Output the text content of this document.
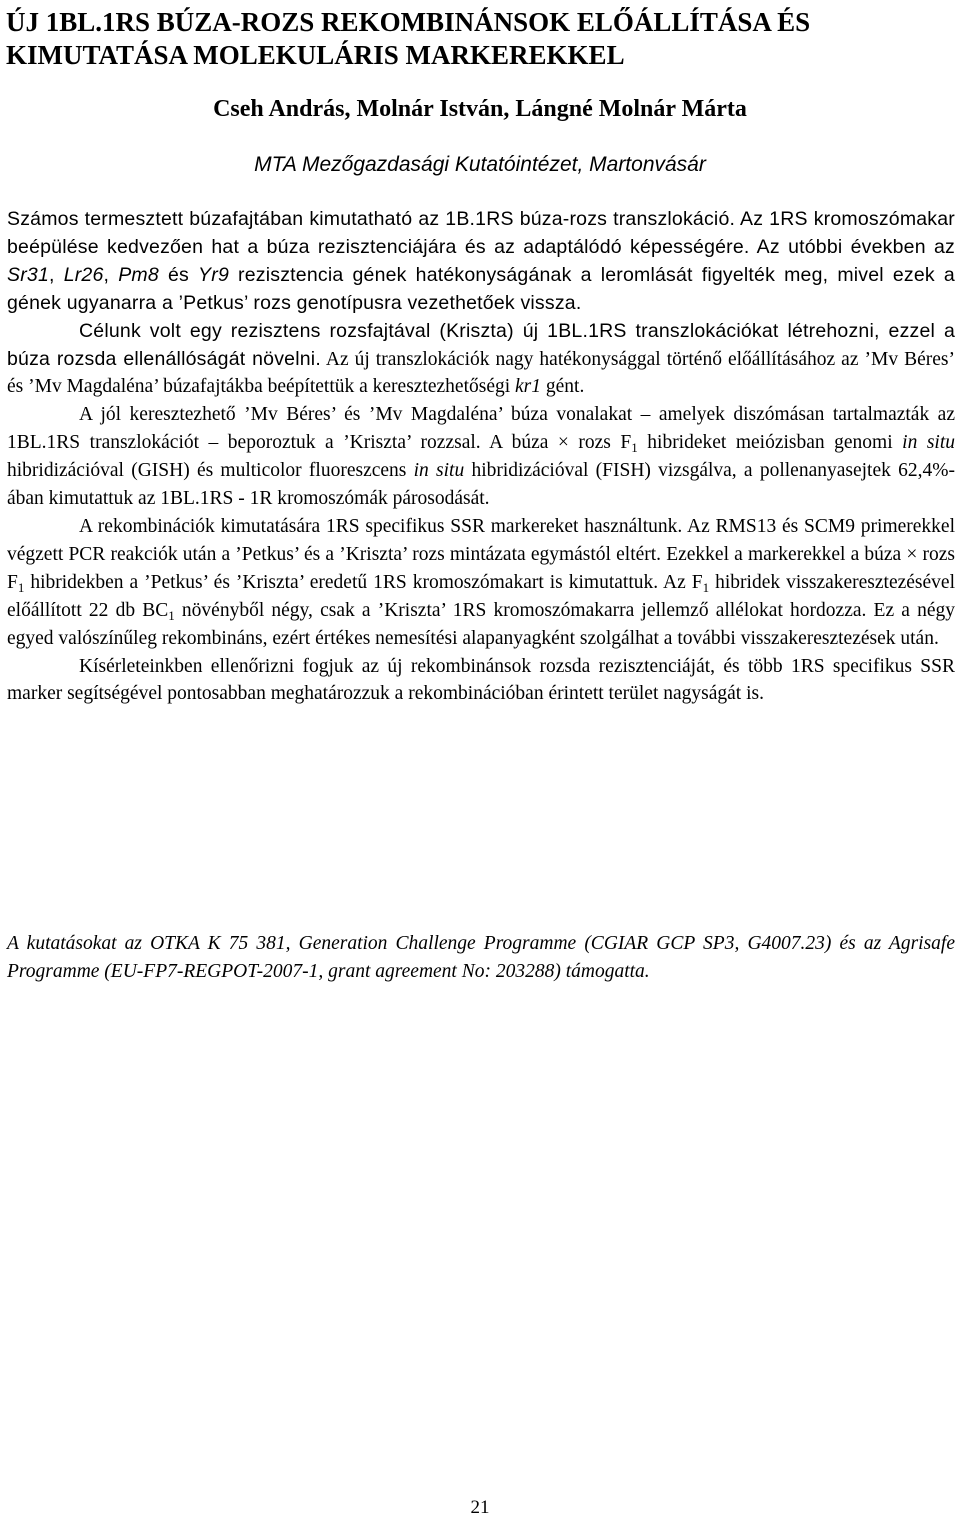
ÚJ 1BL.1RS BÚZA-ROZS REKOMBINÁNSOK ELŐÁLLÍTÁSA ÉS
KIMUTATÁSA MOLEKULÁRIS MARKEREKKEL
Cseh András, Molnár István, Lángné Molnár Márta
MTA Mezőgazdasági Kutatóintézet, Martonvásár

Számos termesztett búzafajtában kimutatható az 1B.1RS búza-rozs transzlokáció. Az 1RS kromoszómakar beépülése kedvezően hat a búza rezisztenciájára és az adaptálódó képességére. Az utóbbi években az Sr31, Lr26, Pm8 és Yr9 rezisztencia gének hatékonyságának a leromlását figyelték meg, mivel ezek a gének ugyanarra a ’Petkus’ rozs genotípusra vezethetőek vissza.

Célunk volt egy rezisztens rozsfajtával (Kriszta) új 1BL.1RS transzlokációkat létrehozni, ezzel a búza rozsda ellenállóságát növelni. Az új transzlokációk nagy hatékonysággal történő előállításához az ’Mv Béres’ és ’Mv Magdaléna’ búzafajtákba beépítettük a keresztezhetőségi kr1 gént.

A jól keresztezhető ’Mv Béres’ és ’Mv Magdaléna’ búza vonalakat – amelyek diszómásan tartalmazták az 1BL.1RS transzlokációt – beporoztuk a ’Kriszta’ rozzsal. A búza × rozs $F_1$ hibrideket meiózisban genomi in situ hibridizációval (GISH) és multicolor fluoreszcens in situ hibridizációval (FISH) vizsgálva, a pollenanyasejtek 62,4%-ában kimutattuk az 1BL.1RS - 1R kromoszómák párosodását.

A rekombinációk kimutatására 1RS specifikus SSR markereket használtunk. Az RMS13 és SCM9 primerekkel végzett PCR reakciók után a ’Petkus’ és a ’Kriszta’ rozs mintázata egymástól eltért. Ezekkel a markerekkel a búza × rozs $F_1$ hibridekben a ’Petkus’ és ’Kriszta’ eredetű 1RS kromoszómakart is kimutattuk. Az $F_1$ hibridek visszakeresztezésével előállított 22 db $BC_1$ növényből négy, csak a ’Kriszta’ 1RS kromoszómakarra jellemző allélokat hordozza. Ez a négy egyed valószínűleg rekombináns, ezért értékes nemesítési alapanyagként szolgálhat a további visszakeresztezések után.

Kísérleteinkben ellenőrizni fogjuk az új rekombinánsok rozsda rezisztenciáját, és több 1RS specifikus SSR marker segítségével pontosabban meghatározzuk a rekombinációban érintett terület nagyságát is.

A kutatásokat az OTKA K 75 381, Generation Challenge Programme (CGIAR GCP SP3, G4007.23) és az Agrisafe Programme (EU-FP7-REGPOT-2007-1, grant agreement No: 203288) támogatta.

21
